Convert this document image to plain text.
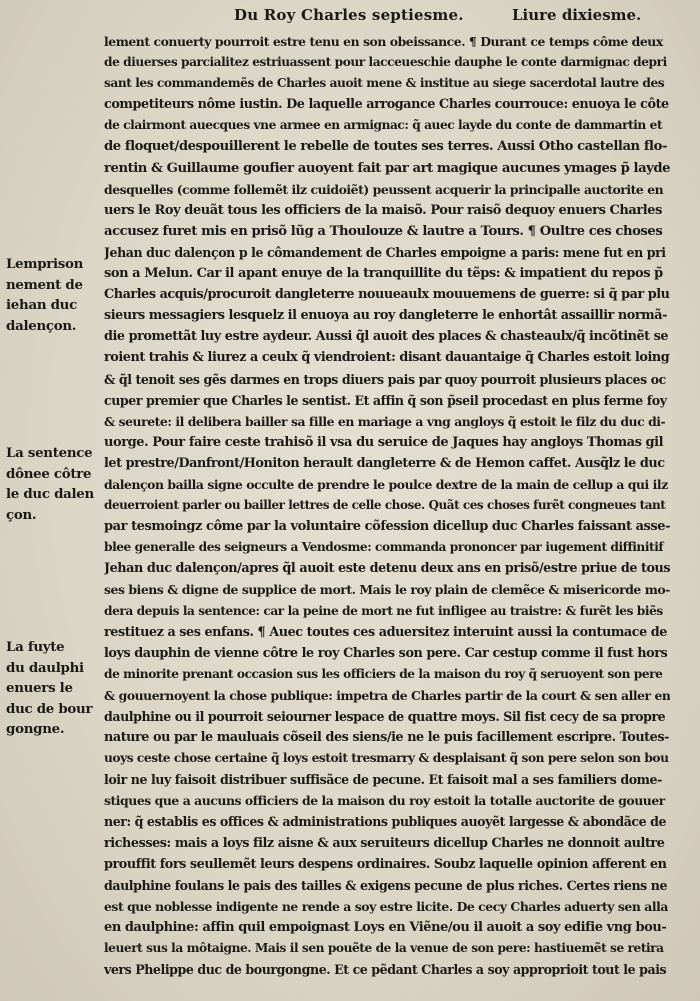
Du Roy Charles septiesme.	Liure dixiesme.
Lemprison
nement de
iehan duc
dalençon.
La sentence
dônee côtre
le duc dalen
çon.
La fuyte
du daulphi
enuers le
duc de bour
gongne.
lement conuerty pourroit estre tenu en son obeissance. ¶ Durant ce temps côme deux
de diuerses parcialitez estriuassent pour lacceueschie dauphe le conte darmignac depri
sant les commandemẽs de Charles auoit mene & institue au siege sacerdotal lautre des
competiteurs nôme iustin. De laquelle arrogance Charles courrouce: enuoya le côte
de clairmont auecques vne armee en armignac: q̃ auec layde du conte de dammartin et
de floquet/despouillerent le rebelle de toutes ses terres. Aussi Otho castellan flo-
rentin & Guillaume goufier auoyent fait par art magique aucunes ymages p̃ layde
desquelles (comme follemẽt ilz cuidoiẽt) peussent acquerir la principalle auctorite en
uers le Roy deuãt tous les officiers de la maisõ. Pour raisõ dequoy enuers Charles
accusez furet mis en prisõ lũg a Thoulouze & lautre a Tours. ¶ Oultre ces choses
Jehan duc dalençon p le cômandement de Charles empoigne a paris: mene fut en pri
son a Melun. Car il apant enuye de la tranquillite du tẽps: & impatient du repos p̃
Charles acquis/procuroit dangleterre nouueaulx mouuemens de guerre: si q̃ par plu
sieurs messagiers lesquelz il enuoya au roy dangleterre le enhortât assaillir normã-
die promettãt luy estre aydeur. Aussi q̃l auoit des places & chasteaulx/q̃ incõtinẽt se
roient trahis & liurez a ceulx q̃ viendroient: disant dauantaige q̃ Charles estoit loing
& q̃l tenoit ses gẽs darmes en trops diuers pais par quoy pourroit plusieurs places oc
cuper premier que Charles le sentist. Et affin q̃ son p̃seil procedast en plus ferme foy
& seurete: il delibera bailler sa fille en mariage a vng angloys q̃ estoit le filz du duc di-
uorge. Pour faire ceste trahisõ il vsa du seruice de Jaques hay angloys Thomas gil
let prestre/Danfront/Honiton herault dangleterre & de Hemon caffet. Ausq̃lz le duc
dalençon bailla signe occulte de prendre le poulce dextre de la main de cellup a qui ilz
deuerroient parler ou bailler lettres de celle chose. Quãt ces choses furẽt congneues tant
par tesmoingz côme par la voluntaire cõfession dicellup duc Charles faissant asse-
blee generalle des seigneurs a Vendosme: commanda prononcer par iugement diffinitif
Jehan duc dalençon/apres q̃l auoit este detenu deux ans en prisõ/estre priue de tous
ses biens & digne de supplice de mort. Mais le roy plain de clemẽce & misericorde mo-
dera depuis la sentence: car la peine de mort ne fut infligee au traistre: & furẽt les biẽs
restituez a ses enfans. ¶ Auec toutes ces aduersitez interuint aussi la contumace de
loys dauphin de vienne côtre le roy Charles son pere. Car cestup comme il fust hors
de minorite prenant occasion sus les officiers de la maison du roy q̃ seruoyent son pere
& gouuernoyent la chose publique: impetra de Charles partir de la court & sen aller en
daulphine ou il pourroit seiourner lespace de quattre moys. Sil fist cecy de sa propre
nature ou par le mauluais cõseil des siens/ie ne le puis facillement escripre. Toutes-
uoys ceste chose certaine q̃ loys estoit tresmarry & desplaisant q̃ son pere selon son bou
loir ne luy faisoit distribuer suffisãce de pecune. Et faisoit mal a ses familiers dome-
stiques que a aucuns officiers de la maison du roy estoit la totalle auctorite de gouuer
ner: q̃ establis es offices & administrations publiques auoyẽt largesse & abondãce de
richesses: mais a loys filz aisne & aux seruiteurs dicellup Charles ne donnoit aultre
prouffit fors seullemẽt leurs despens ordinaires. Soubz laquelle opinion afferent en
daulphine foulans le pais des tailles & exigens pecune de plus riches. Certes riens ne
est que noblesse indigente ne rende a soy estre licite. De cecy Charles aduerty sen alla
en daulphine: affin quil empoignast Loys en Viẽne/ou il auoit a soy edifie vng bou-
leuert sus la môtaigne. Mais il sen pouẽte de la venue de son pere: hastiuemẽt se retira
vers Phelippe duc de bourgongne. Et ce pẽdant Charles a soy approprioit tout le pais
